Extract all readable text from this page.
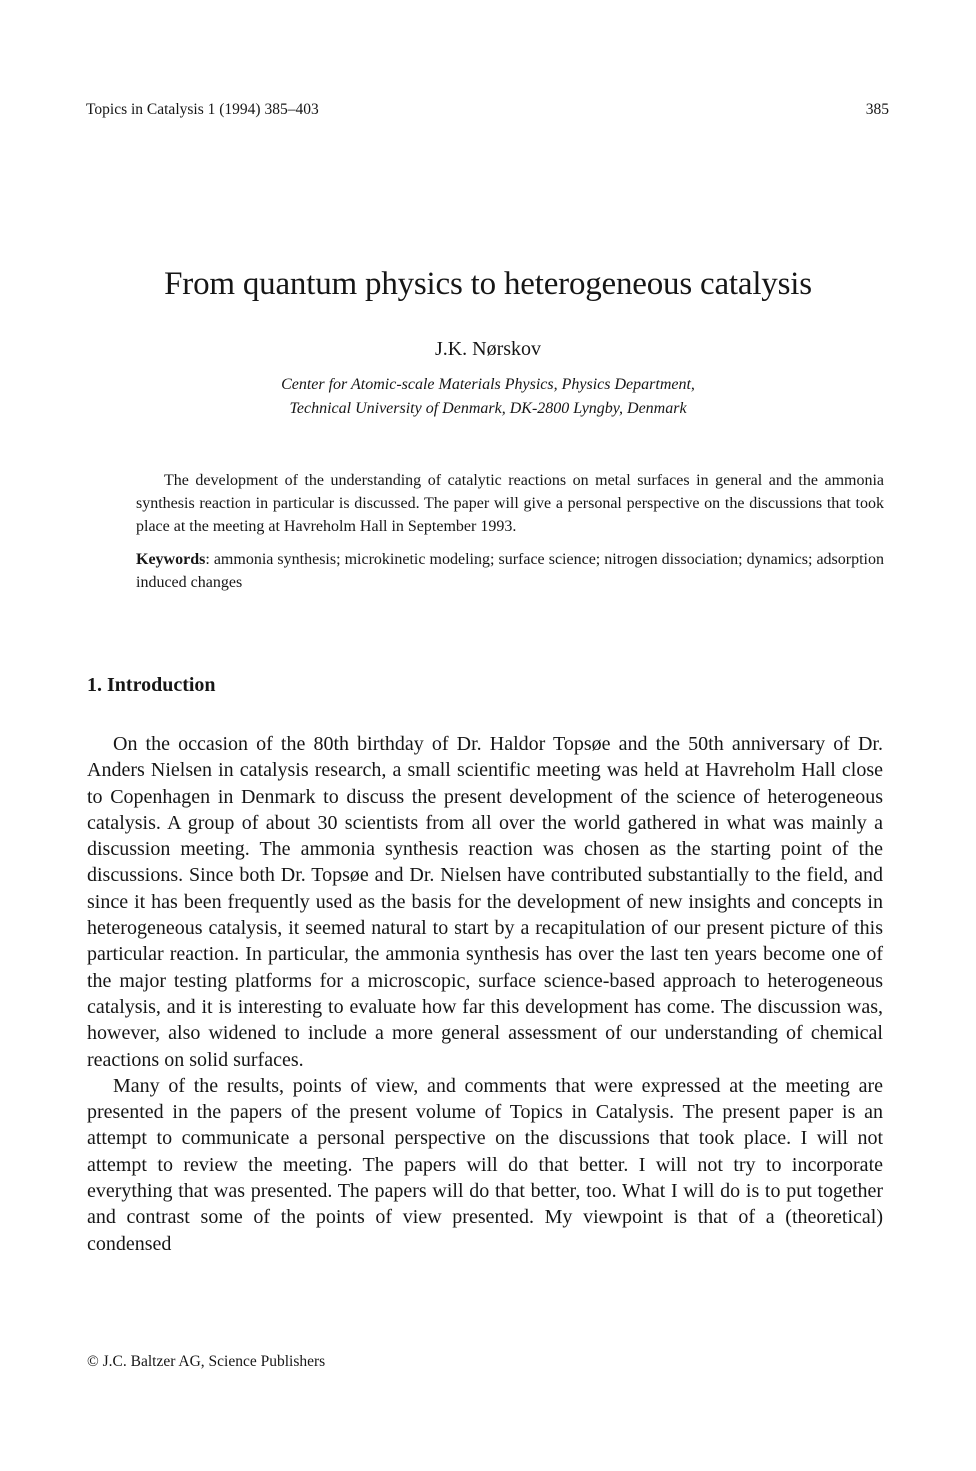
Topics in Catalysis 1 (1994) 385–403	385
From quantum physics to heterogeneous catalysis
J.K. Nørskov
Center for Atomic-scale Materials Physics, Physics Department,
Technical University of Denmark, DK-2800 Lyngby, Denmark

The development of the understanding of catalytic reactions on metal surfaces in general and the ammonia synthesis reaction in particular is discussed. The paper will give a personal perspective on the discussions that took place at the meeting at Havreholm Hall in September 1993.

Keywords: ammonia synthesis; microkinetic modeling; surface science; nitrogen dissociation; dynamics; adsorption induced changes

1. Introduction

On the occasion of the 80th birthday of Dr. Haldor Topsøe and the 50th anniversary of Dr. Anders Nielsen in catalysis research, a small scientific meeting was held at Havreholm Hall close to Copenhagen in Denmark to discuss the present development of the science of heterogeneous catalysis. A group of about 30 scientists from all over the world gathered in what was mainly a discussion meeting. The ammonia synthesis reaction was chosen as the starting point of the discussions. Since both Dr. Topsøe and Dr. Nielsen have contributed substantially to the field, and since it has been frequently used as the basis for the development of new insights and concepts in heterogeneous catalysis, it seemed natural to start by a recapitulation of our present picture of this particular reaction. In particular, the ammonia synthesis has over the last ten years become one of the major testing platforms for a microscopic, surface science-based approach to heterogeneous catalysis, and it is interesting to evaluate how far this development has come. The discussion was, however, also widened to include a more general assessment of our understanding of chemical reactions on solid surfaces.

Many of the results, points of view, and comments that were expressed at the meeting are presented in the papers of the present volume of Topics in Catalysis. The present paper is an attempt to communicate a personal perspective on the discussions that took place. I will not attempt to review the meeting. The papers will do that better. I will not try to incorporate everything that was presented. The papers will do that better, too. What I will do is to put together and contrast some of the points of view presented. My viewpoint is that of a (theoretical) condensed

© J.C. Baltzer AG, Science Publishers
